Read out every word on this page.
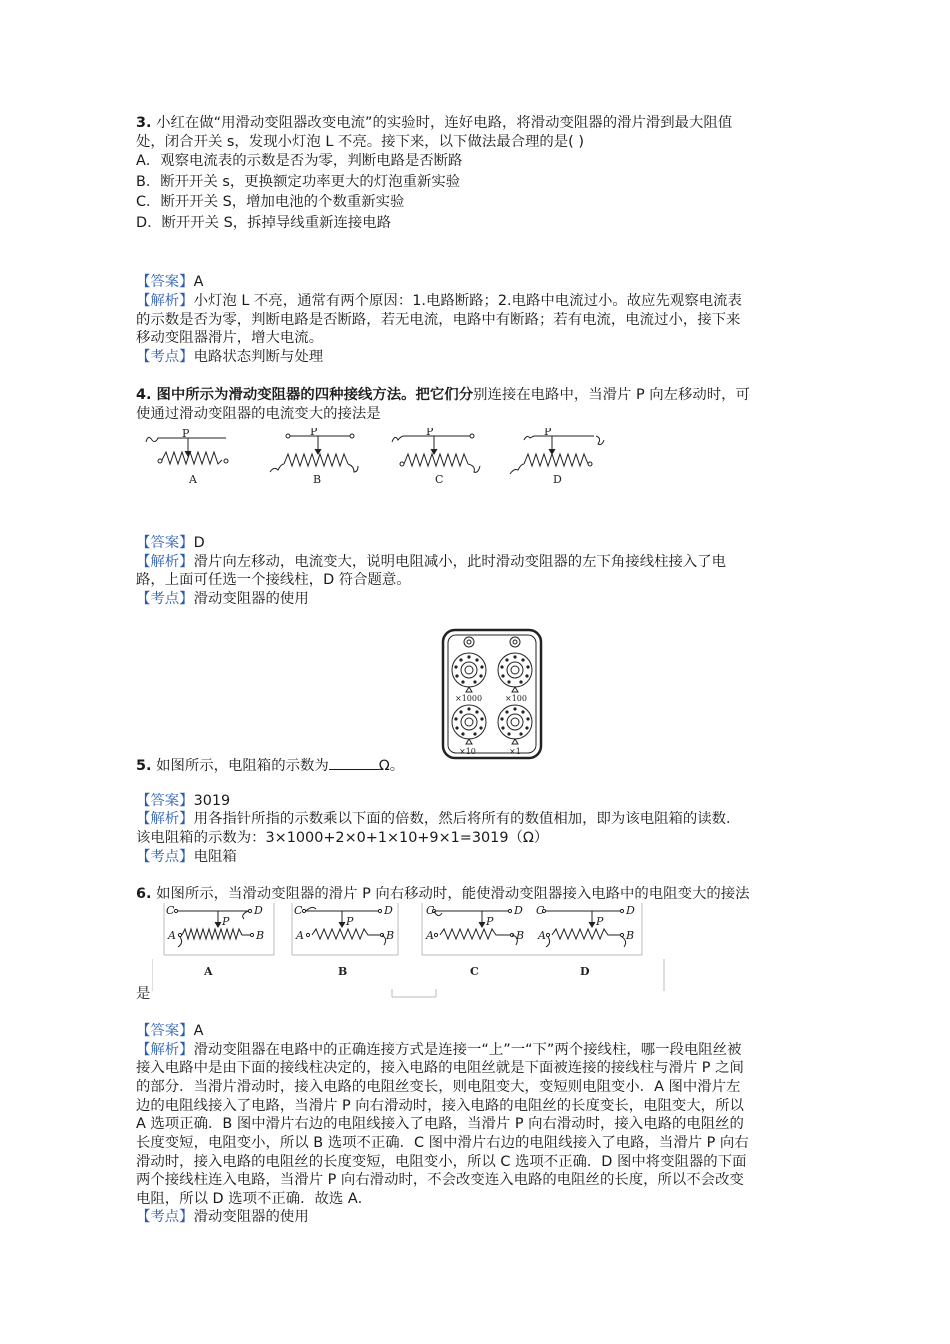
3. 小红在做“用滑动变阻器改变电流”的实验时，连好电路，将滑动变阻器的滑片滑到最大阻值
处，闭合开关 s，发现小灯泡 L 不亮。接下来，以下做法最合理的是( )
A．观察电流表的示数是否为零，判断电路是否断路
B．断开开关 s，更换额定功率更大的灯泡重新实验
C．断开开关 S，增加电池的个数重新实验
D．断开开关 S，拆掉导线重新连接电路
【答案】A
【解析】小灯泡 L 不亮，通常有两个原因：1.电路断路；2.电路中电流过小。故应先观察电流表
的示数是否为零，判断电路是否断路，若无电流，电路中有断路；若有电流，电流过小，接下来
移动变阻器滑片，增大电流。
【考点】电路状态判断与处理
4. 图中所示为滑动变阻器的四种接线方法。把它们分别连接在电路中，当滑片 P 向左移动时，可
使通过滑动变阻器的电流变大的接法是
P	P	P	P
A	B	C	D
【答案】D
【解析】滑片向左移动，电流变大，说明电阻减小，此时滑动变阻器的左下角接线柱接入了电
路，上面可任选一个接线柱，D 符合题意。
【考点】滑动变阻器的使用
×1000	×100
×10	×1
5. 如图所示，电阻箱的示数为	Ω。
【答案】3019
【解析】用各指针所指的示数乘以下面的倍数，然后将所有的数值相加，即为该电阻箱的读数．
该电阻箱的示数为：3×1000+2×0+1×10+9×1=3019（Ω）
【考点】电阻箱
6. 如图所示，当滑动变阻器的滑片 P 向右移动时，能使滑动变阻器接入电路中的电阻变大的接法
C	D
A	B
P
C	D
A	B
P
C	D
A	B
P
C	D
A	B
P
A	B	C	D
是
【答案】A
【解析】滑动变阻器在电路中的正确连接方式是连接一“上”一“下”两个接线柱，哪一段电阻丝被
接入电路中是由下面的接线柱决定的，接入电路的电阻丝就是下面被连接的接线柱与滑片 P 之间
的部分．当滑片滑动时，接入电路的电阻丝变长，则电阻变大，变短则电阻变小．A 图中滑片左
边的电阻线接入了电路，当滑片 P 向右滑动时，接入电路的电阻丝的长度变长，电阻变大，所以
A 选项正确．B 图中滑片右边的电阻线接入了电路，当滑片 P 向右滑动时，接入电路的电阻丝的
长度变短，电阻变小，所以 B 选项不正确．C 图中滑片右边的电阻线接入了电路，当滑片 P 向右
滑动时，接入电路的电阻丝的长度变短，电阻变小，所以 C 选项不正确．D 图中将变阻器的下面
两个接线柱连入电路，当滑片 P 向右滑动时，不会改变连入电路的电阻丝的长度，所以不会改变
电阻，所以 D 选项不正确．故选 A．
【考点】滑动变阻器的使用
